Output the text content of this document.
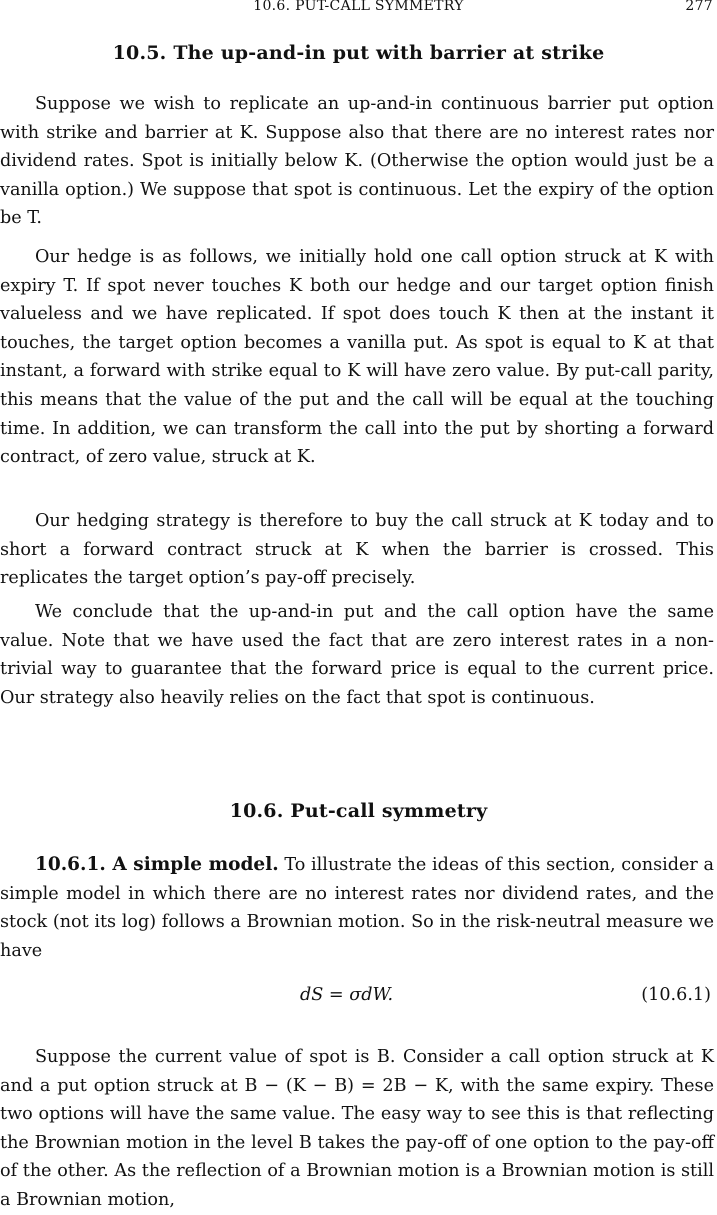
10.6. PUT-CALL SYMMETRY	277
10.5. The up-and-in put with barrier at strike

Suppose we wish to replicate an up-and-in continuous barrier put option with strike and barrier at K. Suppose also that there are no interest rates nor dividend rates. Spot is initially below K. (Otherwise the option would just be a vanilla option.) We suppose that spot is continuous. Let the expiry of the option be T.

Our hedge is as follows, we initially hold one call option struck at K with expiry T. If spot never touches K both our hedge and our target option finish valueless and we have replicated. If spot does touch K then at the instant it touches, the target option becomes a vanilla put. As spot is equal to K at that instant, a forward with strike equal to K will have zero value. By put-call parity, this means that the value of the put and the call will be equal at the touching time. In addition, we can transform the call into the put by shorting a forward contract, of zero value, struck at K.

Our hedging strategy is therefore to buy the call struck at K today and to short a forward contract struck at K when the barrier is crossed. This replicates the target option’s pay-off precisely.

We conclude that the up-and-in put and the call option have the same value. Note that we have used the fact that are zero interest rates in a non-trivial way to guarantee that the forward price is equal to the current price. Our strategy also heavily relies on the fact that spot is continuous.

10.6. Put-call symmetry

10.6.1. A simple model. To illustrate the ideas of this section, consider a simple model in which there are no interest rates nor dividend rates, and the stock (not its log) follows a Brownian motion. So in the risk-neutral measure we have

dS = σdW.	(10.6.1)

Suppose the current value of spot is B. Consider a call option struck at K and a put option struck at B − (K − B) = 2B − K, with the same expiry. These two options will have the same value. The easy way to see this is that reflecting the Brownian motion in the level B takes the pay-off of one option to the pay-off of the other. As the reflection of a Brownian motion is a Brownian motion is still a Brownian motion,
